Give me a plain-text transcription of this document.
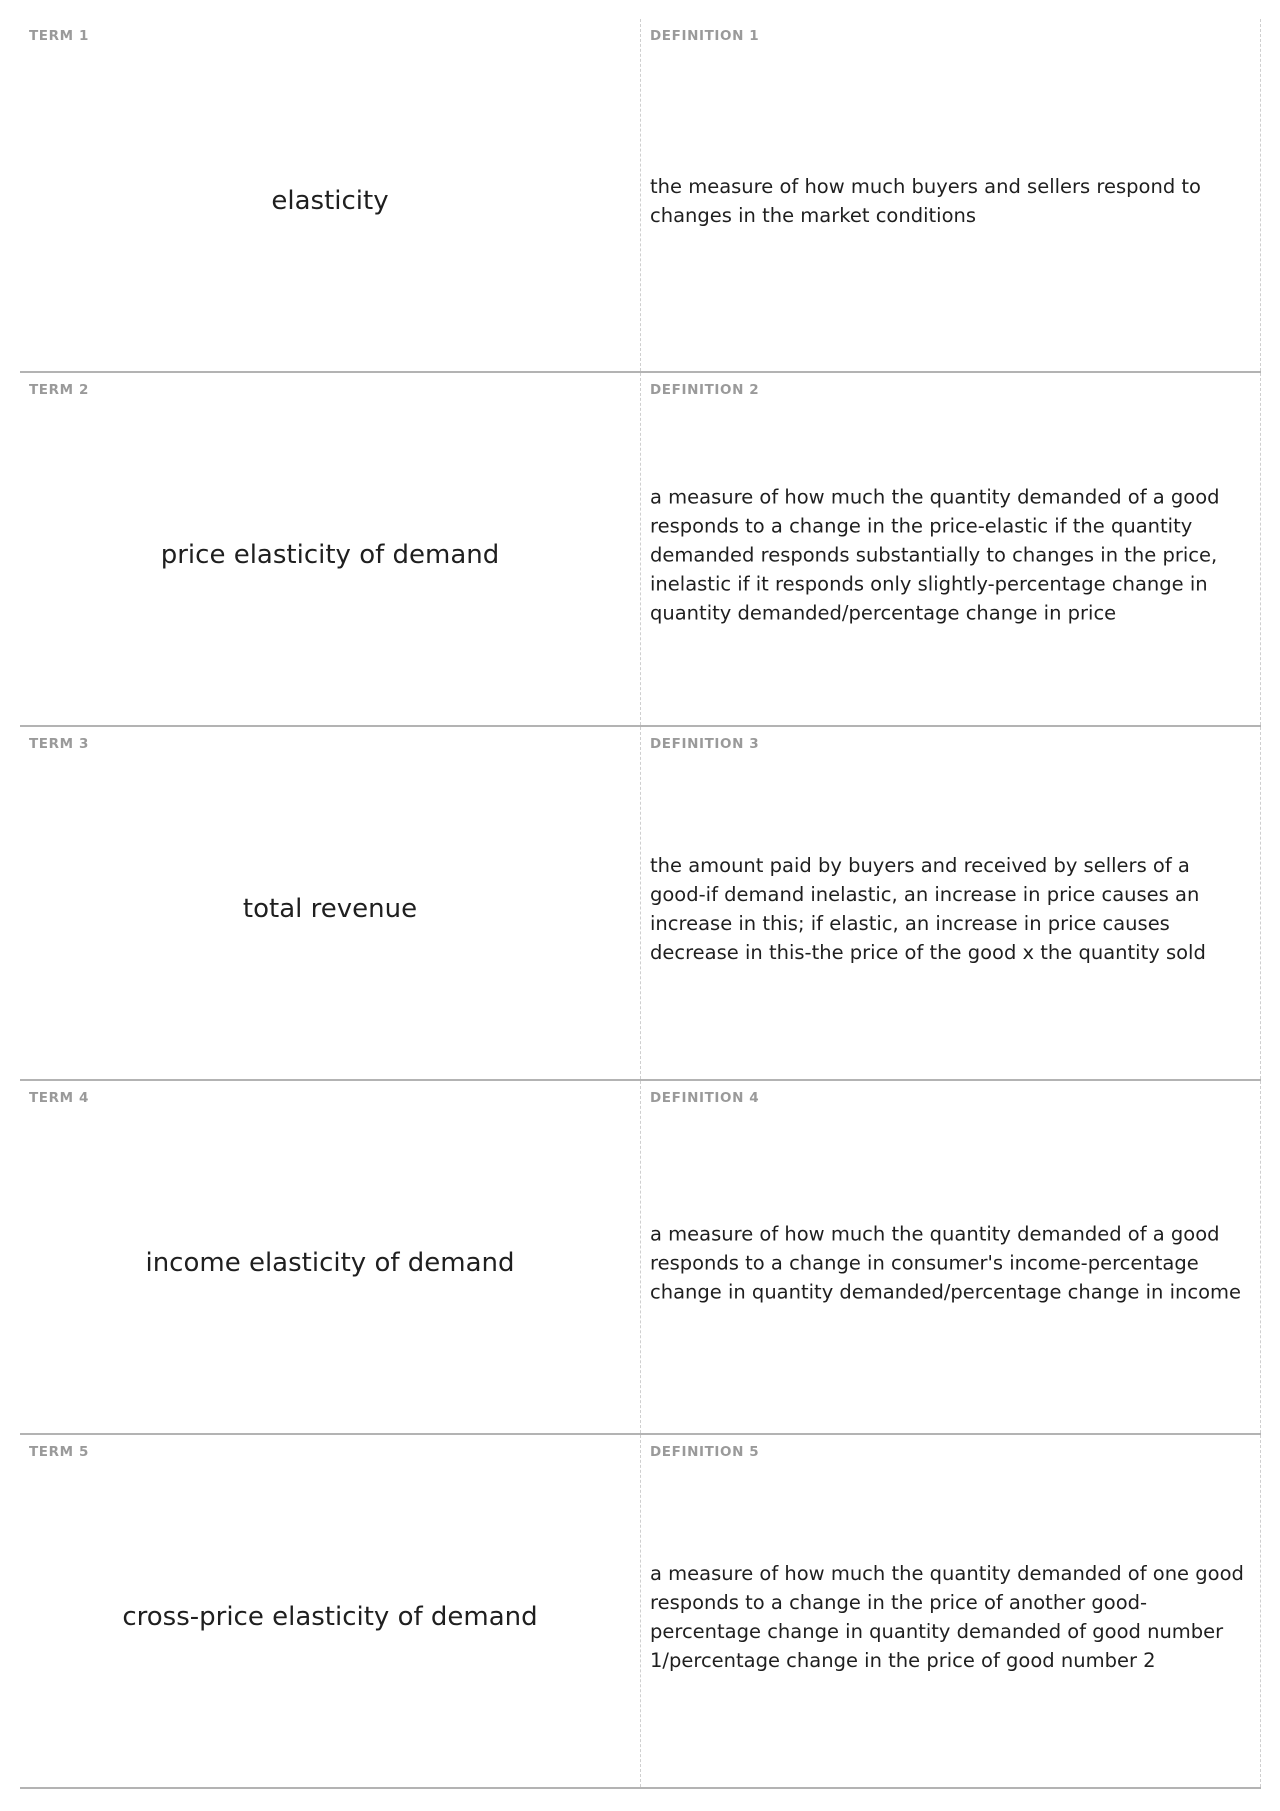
TERM 1
elasticity
DEFINITION 1
the measure of how much buyers and sellers respond to changes in the market conditions
TERM 2
price elasticity of demand
DEFINITION 2
a measure of how much the quantity demanded of a good responds to a change in the price-elastic if the quantity demanded responds substantially to changes in the price, inelastic if it responds only slightly-percentage change in quantity demanded/percentage change in price
TERM 3
total revenue
DEFINITION 3
the amount paid by buyers and received by sellers of a good-if demand inelastic, an increase in price causes an increase in this; if elastic, an increase in price causes decrease in this-the price of the good x the quantity sold
TERM 4
income elasticity of demand
DEFINITION 4
a measure of how much the quantity demanded of a good responds to a change in consumer's income-percentage change in quantity demanded/percentage change in income
TERM 5
cross-price elasticity of demand
DEFINITION 5
a measure of how much the quantity demanded of one good responds to a change in the price of another good-percentage change in quantity demanded of good number 1/percentage change in the price of good number 2
